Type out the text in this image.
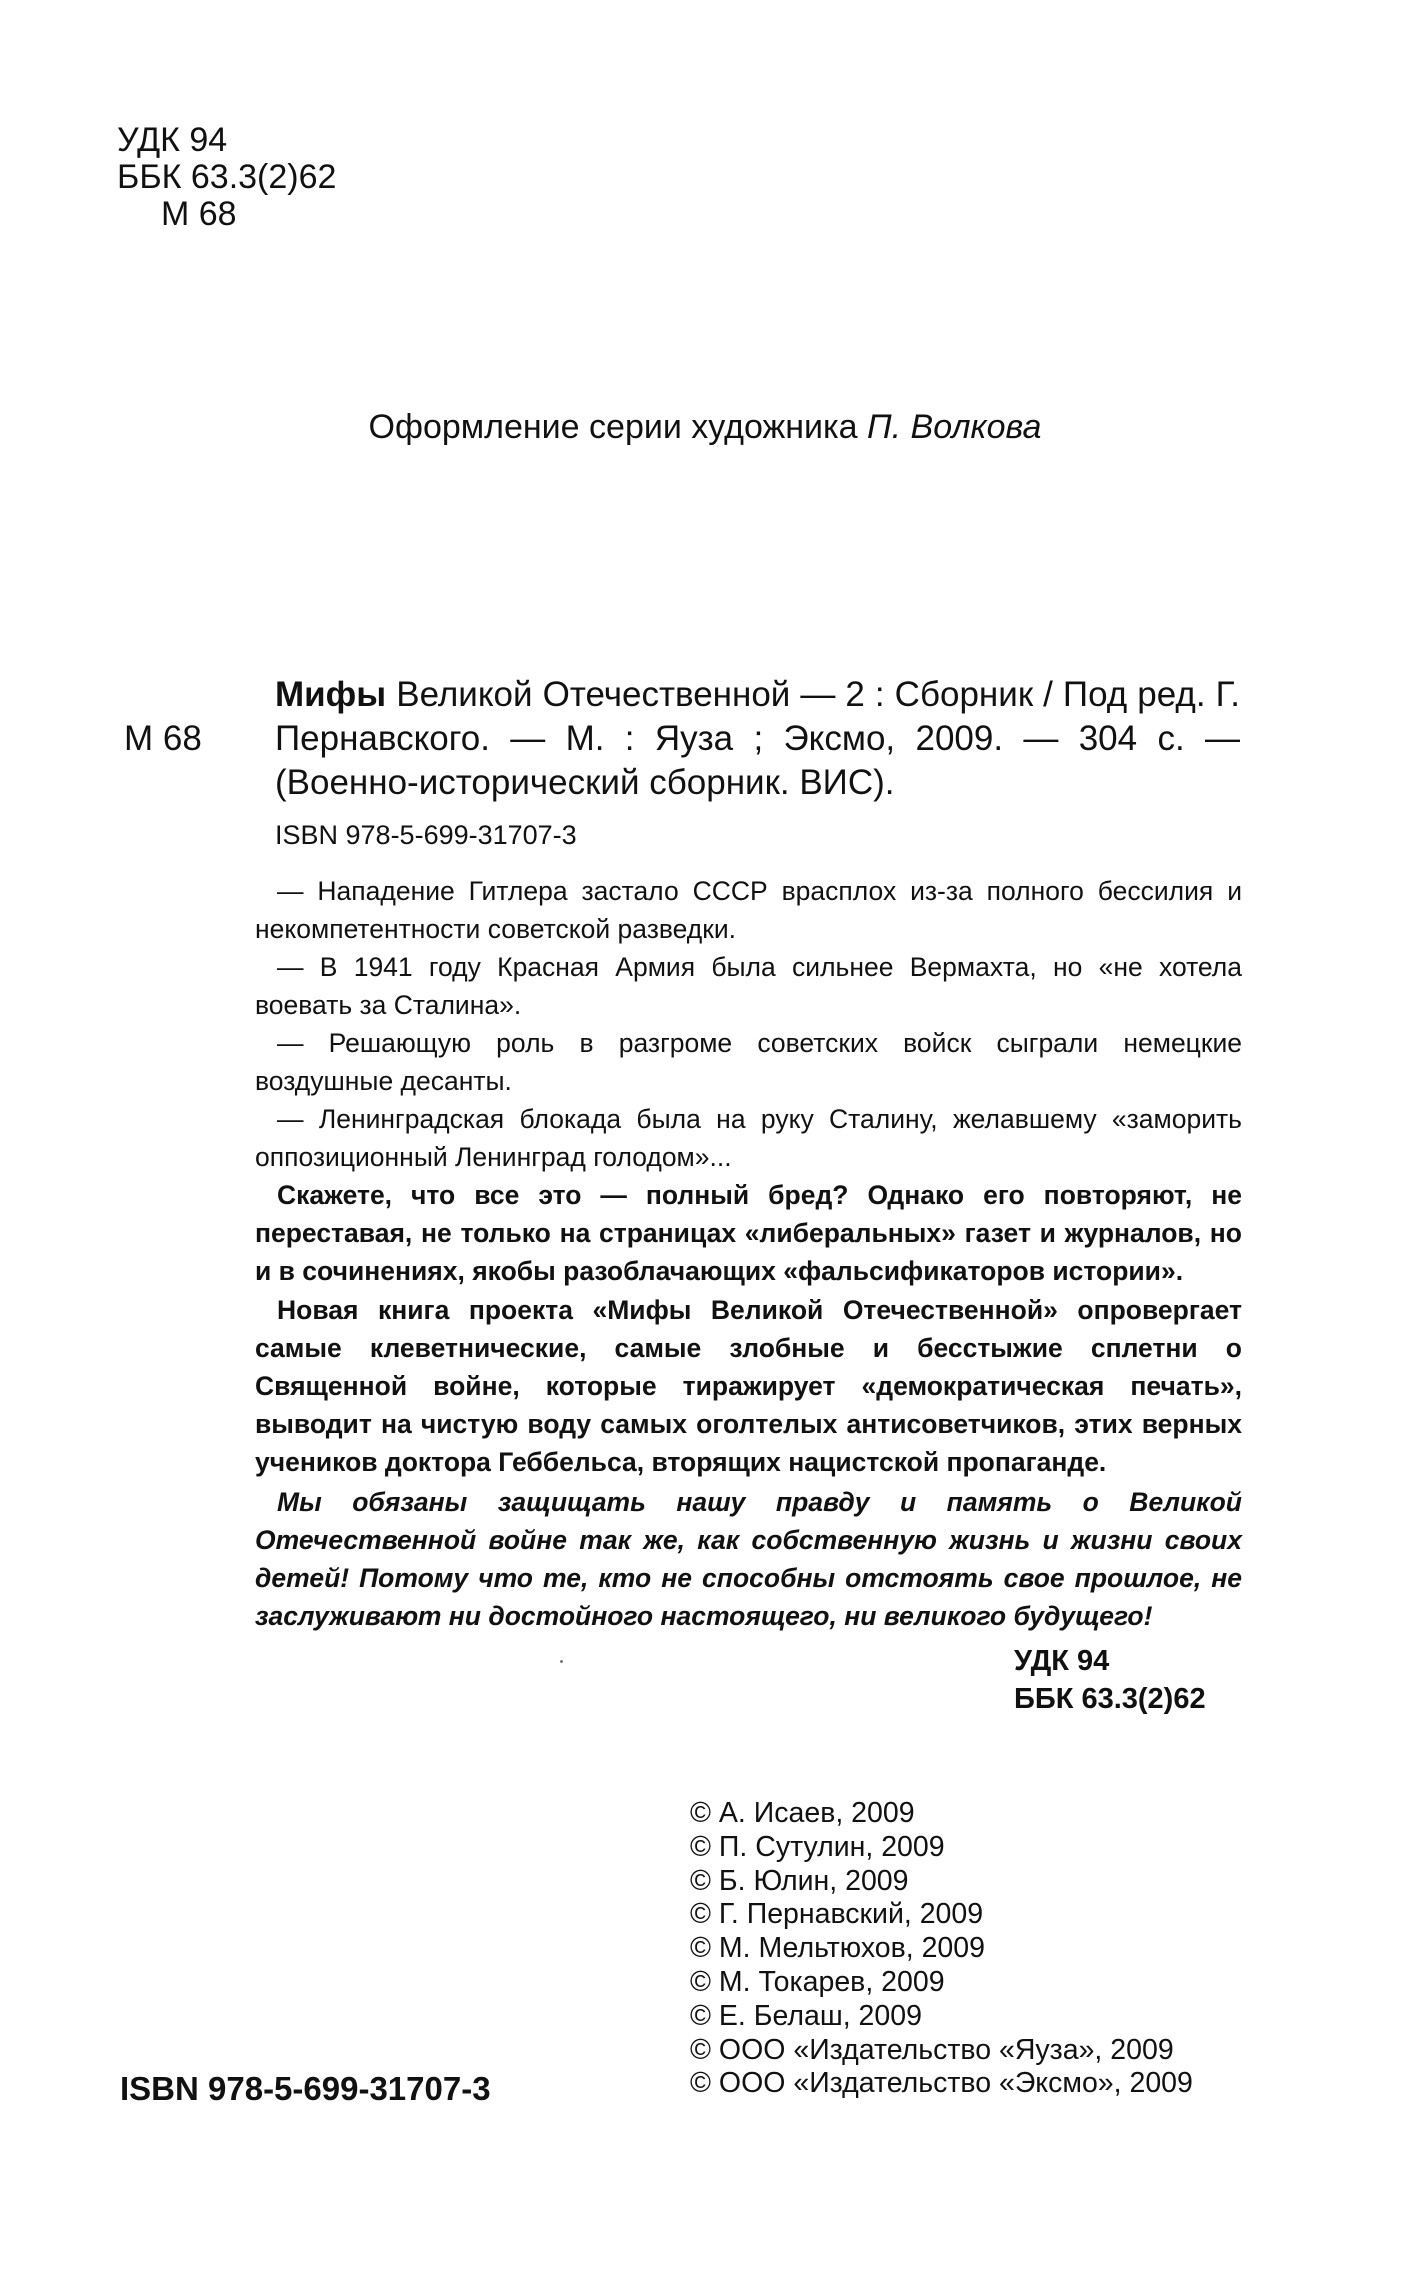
УДК 94
ББК 63.3(2)62
М 68
Оформление серии художника П. Волкова
М 68
Мифы Великой Отечественной — 2 : Сборник / Под ред. Г. Пернавского. — М. : Яуза ; Эксмо, 2009. — 304 с. — (Военно-исторический сборник. ВИС).
ISBN 978-5-699-31707-3
— Нападение Гитлера застало СССР врасплох из-за полного бессилия и некомпетентности советской разведки.
— В 1941 году Красная Армия была сильнее Вермахта, но «не хотела воевать за Сталина».
— Решающую роль в разгроме советских войск сыграли немецкие воздушные десанты.
— Ленинградская блокада была на руку Сталину, желавшему «заморить оппозиционный Ленинград голодом»...
Скажете, что все это — полный бред? Однако его повторяют, не переставая, не только на страницах «либеральных» газет и журналов, но и в сочинениях, якобы разоблачающих «фальсификаторов истории».
Новая книга проекта «Мифы Великой Отечественной» опровергает самые клеветнические, самые злобные и бесстыжие сплетни о Священной войне, которые тиражирует «демократическая печать», выводит на чистую воду самых оголтелых антисоветчиков, этих верных учеников доктора Геббельса, вторящих нацистской пропаганде.
Мы обязаны защищать нашу правду и память о Великой Отечественной войне так же, как собственную жизнь и жизни своих детей! Потому что те, кто не способны отстоять свое прошлое, не заслуживают ни достойного настоящего, ни великого будущего!
УДК 94
ББК 63.3(2)62
© А. Исаев, 2009
© П. Сутулин, 2009
© Б. Юлин, 2009
© Г. Пернавский, 2009
© М. Мельтюхов, 2009
© М. Токарев, 2009
© Е. Белаш, 2009
© ООО «Издательство «Яуза», 2009
© ООО «Издательство «Эксмо», 2009
ISBN 978-5-699-31707-3
